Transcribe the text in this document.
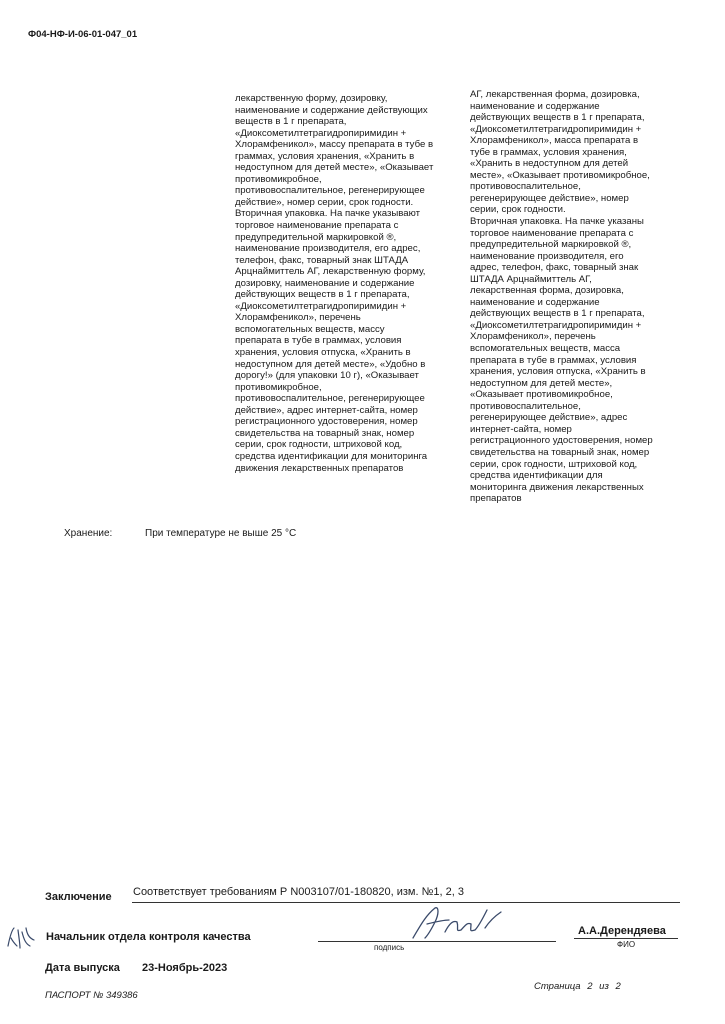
Ф04-НФ-И-06-01-047_01
лекарственную форму, дозировку,
наименование и содержание действующих
веществ в 1 г препарата,
«Диоксометилтетрагидропиримидин +
Хлорамфеникол», массу препарата в тубе в
граммах, условия хранения, «Хранить в
недоступном для детей месте», «Оказывает
противомикробное,
противовоспалительное, регенерирующее
действие», номер серии, срок годности.
Вторичная упаковка. На пачке указывают
торговое наименование препарата с
предупредительной маркировкой ®,
наименование производителя, его адрес,
телефон, факс, товарный знак ШТАДА
Арцнаймиттель АГ, лекарственную форму,
дозировку, наименование и содержание
действующих веществ в 1 г препарата,
«Диоксометилтетрагидропиримидин +
Хлорамфеникол», перечень
вспомогательных веществ, массу
препарата в тубе в граммах, условия
хранения, условия отпуска, «Хранить в
недоступном для детей месте», «Удобно в
дорогу!» (для упаковки 10 г), «Оказывает
противомикробное,
противовоспалительное, регенерирующее
действие», адрес интернет-сайта, номер
регистрационного удостоверения, номер
свидетельства на товарный знак, номер
серии, срок годности, штриховой код,
средства идентификации для мониторинга
движения лекарственных препаратов
АГ, лекарственная форма, дозировка,
наименование и содержание
действующих веществ в 1 г препарата,
«Диоксометилтетрагидропиримидин +
Хлорамфеникол», масса препарата в
тубе в граммах, условия хранения,
«Хранить в недоступном для детей
месте», «Оказывает противомикробное,
противовоспалительное,
регенерирующее действие», номер
серии, срок годности.
Вторичная упаковка. На пачке указаны
торговое наименование препарата с
предупредительной маркировкой ®,
наименование производителя, его
адрес, телефон, факс, товарный знак
ШТАДА Арцнаймиттель АГ,
лекарственная форма, дозировка,
наименование и содержание
действующих веществ в 1 г препарата,
«Диоксометилтетрагидропиримидин +
Хлорамфеникол», перечень
вспомогательных веществ, масса
препарата в тубе в граммах, условия
хранения, условия отпуска, «Хранить в
недоступном для детей месте»,
«Оказывает противомикробное,
противовоспалительное,
регенерирующее действие», адрес
интернет-сайта, номер
регистрационного удостоверения, номер
свидетельства на товарный знак, номер
серии, срок годности, штриховой код,
средства идентификации для
мониторинга движения лекарственных
препаратов
Хранение:	При температуре не выше 25 °C
Заключение Соответствует требованиям Р N003107/01-180820, изм. №1, 2, 3
Начальник отдела контроля качества
подпись
А.А.Дерендяева
ФИО
Дата выпуска 23-Ноябрь-2023
ПАСПОРТ № 349386
Страница 2 из 2
